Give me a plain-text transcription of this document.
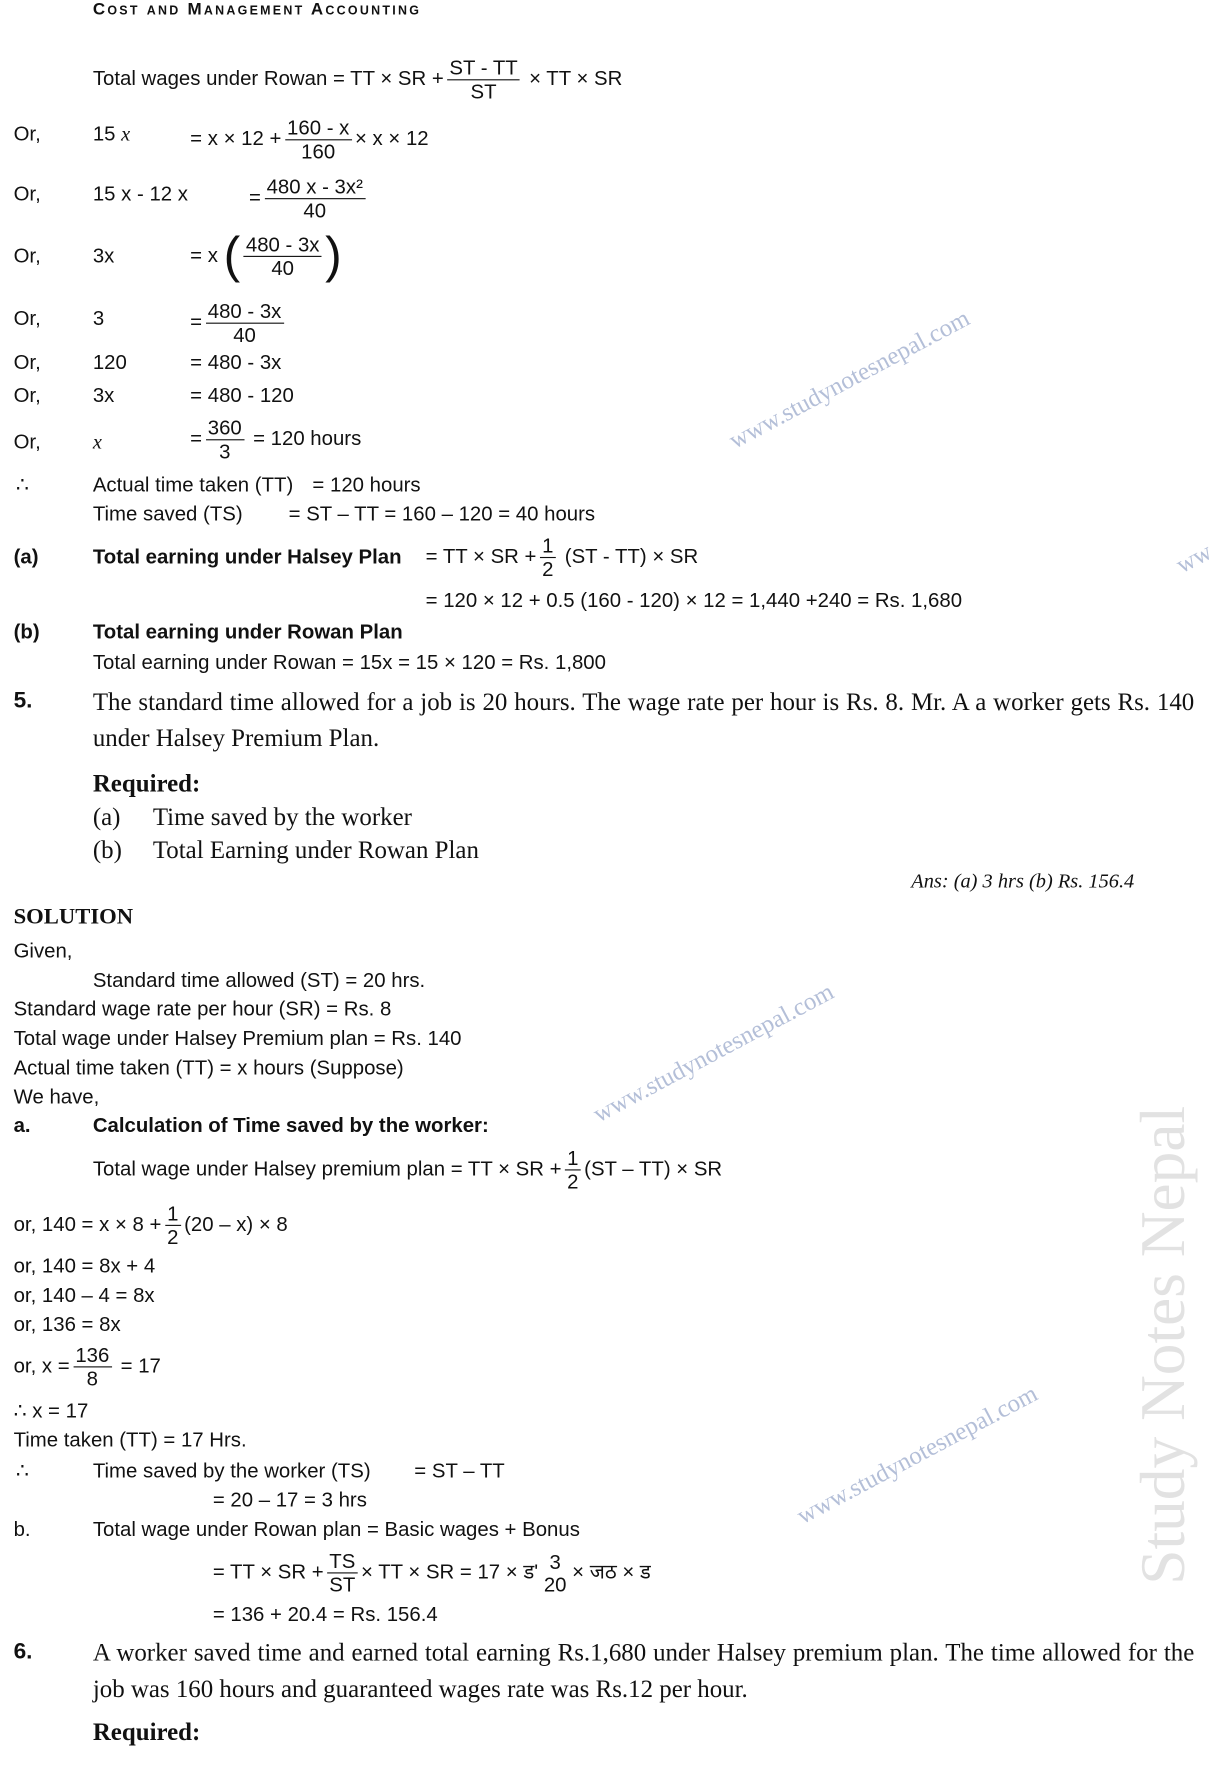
Study Notes Nepal
www.studynotesnepal.com
www.studynotesnepal.com
www.studynotesnepal.com
ww
Cost and Management Accounting
Total wages under Rowan = TT × SR + $\frac{ST - TT}{ST}$ × TT × SR
Or,	15 x	= $x \times 12 + \frac{160 - x}{160} \times x \times 12$
Or,	15 x - 12 x	= $\frac{\text{480 x - 3x²}}{40}$
Or,	3x	= x ( $\frac{480 - 3x}{40}$ )
Or,	3	= $\frac{480 - 3x}{40}$
Or,	120	= 480 - 3x
Or,	3x	= 480 - 120
Or,	x	= $\frac{360}{3} = 120$ hours
∴	Actual time taken (TT) = 120 hours
Time saved (TS)	= ST – TT = 160 – 120 = 40 hours
(a)	Total earning under Halsey Plan = TT × SR + $\frac{1}{2} (ST - TT)$ × SR
= 120 × 12 + 0.5 (160 - 120) × 12 = 1,440 +240 = Rs. 1,680
(b)	Total earning under Rowan Plan
Total earning under Rowan = 15x = 15 × 120 = Rs. 1,800
5.	The standard time allowed for a job is 20 hours. The wage rate per hour is Rs. 8. Mr. A a worker gets Rs. 140 under Halsey Premium Plan.
Required:
(a) Time saved by the worker
(b) Total Earning under Rowan Plan
Ans: (a) 3 hrs (b) Rs. 156.4
SOLUTION
Given,
Standard time allowed (ST) = 20 hrs.
Standard wage rate per hour (SR) = Rs. 8
Total wage under Halsey Premium plan = Rs. 140
Actual time taken (TT) = x hours (Suppose)
We have,
a.	Calculation of Time saved by the worker:
Total wage under Halsey premium plan = TT × SR + $\frac{1}{2} (ST - TT)$ × SR
or, $140 = x \times 8 + \frac{1}{2} (20 - x) \times 8$
or, 140 = 8x + 4
or, 140 – 4 = 8x
or, 136 = 8x
or, $x = \frac{136}{8} = 17$
∴ x = 17
Time taken (TT) = 17 Hrs.
∴	Time saved by the worker (TS) = ST – TT
= 20 – 17 = 3 hrs
b.	Total wage under Rowan plan = Basic wages + Bonus
= TT × SR + $\frac{TS}{ST}$ × TT × SR = 17 × ड' 3
20
× जठ × ड
= 136 + 20.4 = Rs. 156.4
6.	A worker saved time and earned total earning Rs.1,680 under Halsey premium plan. The time allowed for the job was 160 hours and guaranteed wages rate was Rs.12 per hour.
Required:
